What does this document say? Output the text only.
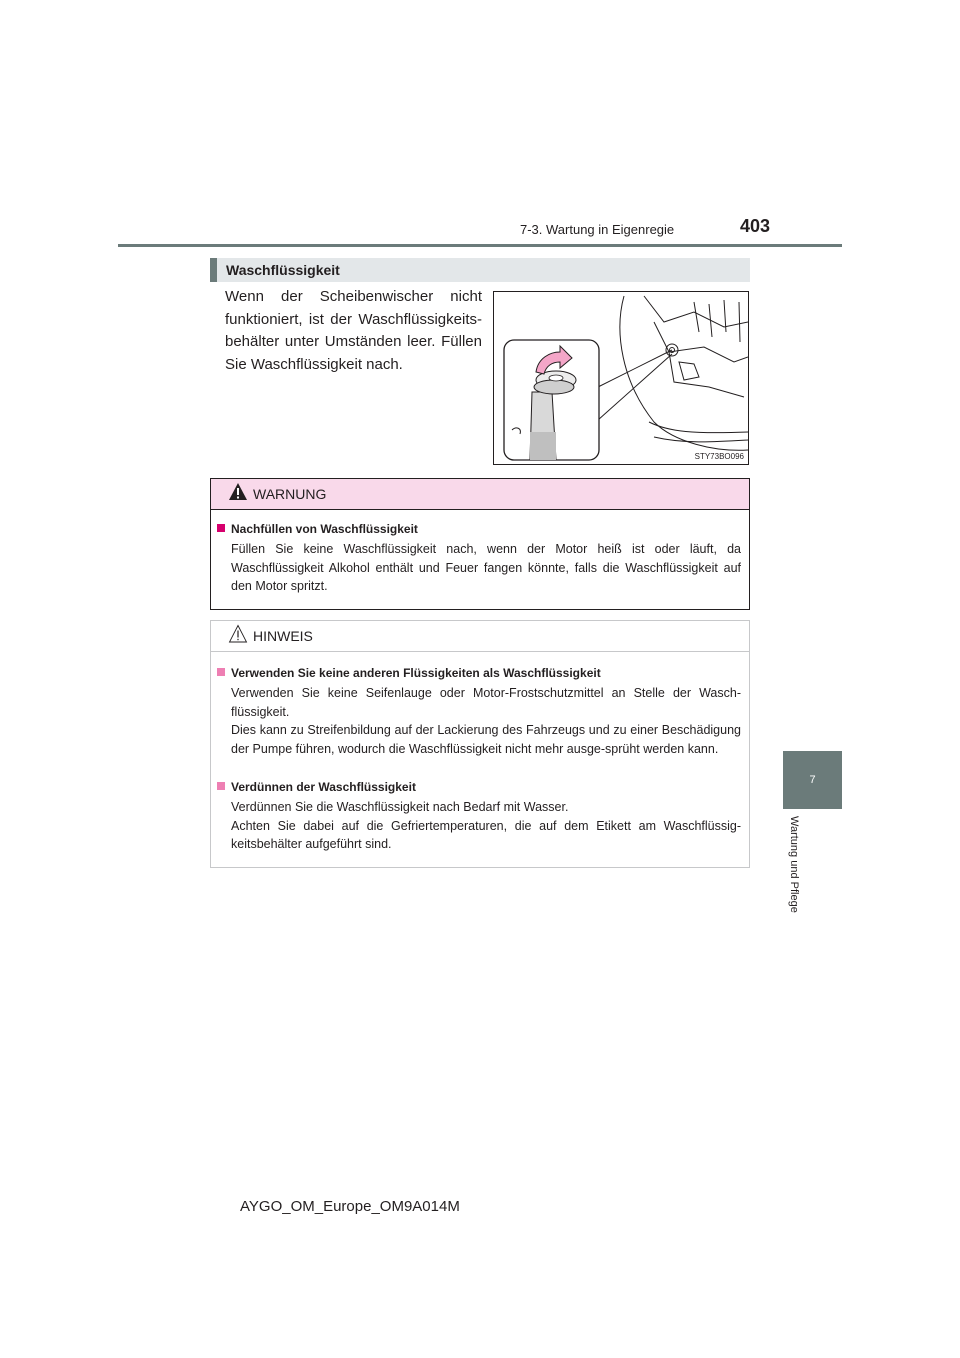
7-3. Wartung in Eigenregie	403
7
Wartung und Pflege
Waschflüssigkeit
Wenn der Scheibenwischer nicht funktioniert, ist der Waschflüssigkeits-behälter unter Umständen leer. Füllen Sie Waschflüssigkeit nach.
STY73BO096
WARNUNG
Nachfüllen von Waschflüssigkeit
Füllen Sie keine Waschflüssigkeit nach, wenn der Motor heiß ist oder läuft, da Waschflüssigkeit Alkohol enthält und Feuer fangen könnte, falls die Waschflüssigkeit auf den Motor spritzt.
HINWEIS
Verwenden Sie keine anderen Flüssigkeiten als Waschflüssigkeit
Verwenden Sie keine Seifenlauge oder Motor-Frostschutzmittel an Stelle der Wasch-flüssigkeit.
Dies kann zu Streifenbildung auf der Lackierung des Fahrzeugs und zu einer Beschädigung der Pumpe führen, wodurch die Waschflüssigkeit nicht mehr ausge-sprüht werden kann.
Verdünnen der Waschflüssigkeit
Verdünnen Sie die Waschflüssigkeit nach Bedarf mit Wasser.
Achten Sie dabei auf die Gefriertemperaturen, die auf dem Etikett am Waschflüssig-keitsbehälter aufgeführt sind.
AYGO_OM_Europe_OM9A014M
